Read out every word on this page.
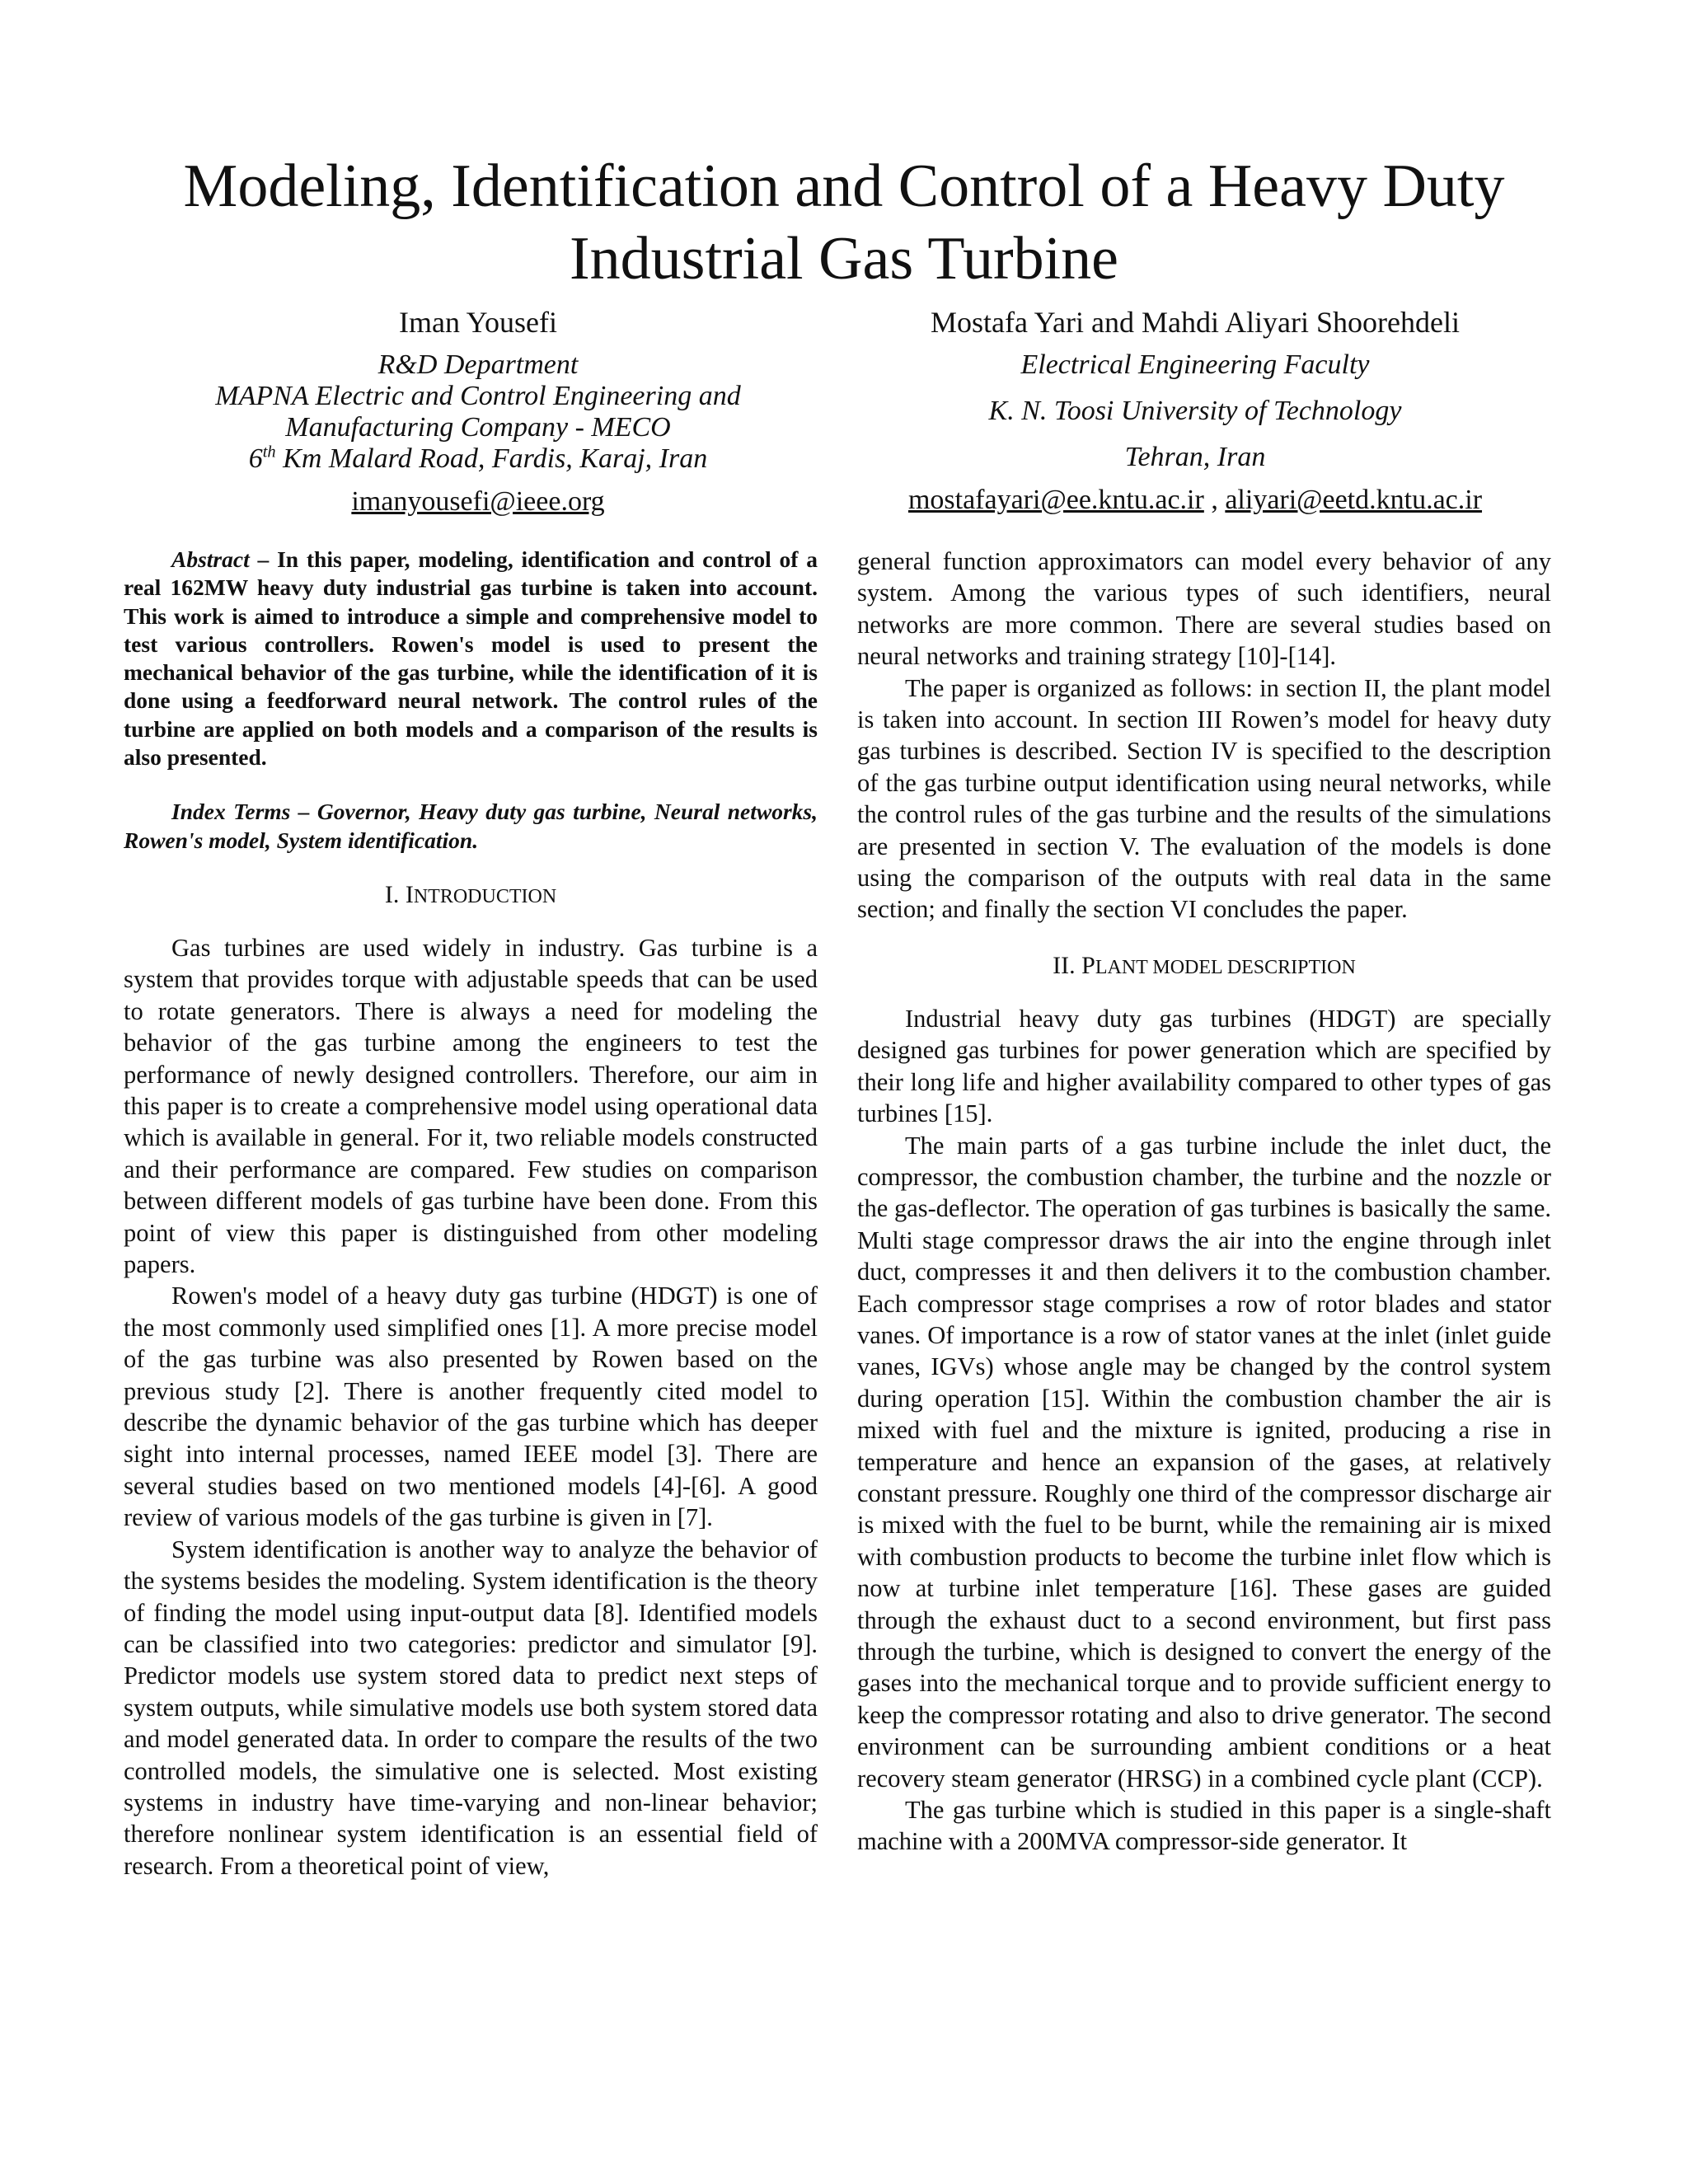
Modeling, Identification and Control of a Heavy Duty Industrial Gas Turbine
Iman Yousefi
R&D Department
MAPNA Electric and Control Engineering and
Manufacturing Company - MECO
6th Km Malard Road, Fardis, Karaj, Iran
imanyousefi@ieee.org
Mostafa Yari and Mahdi Aliyari Shoorehdeli
Electrical Engineering Faculty
K. N. Toosi University of Technology
Tehran, Iran
mostafayari@ee.kntu.ac.ir , aliyari@eetd.kntu.ac.ir

Abstract – In this paper, modeling, identification and control of a real 162MW heavy duty industrial gas turbine is taken into account. This work is aimed to introduce a simple and comprehensive model to test various controllers. Rowen's model is used to present the mechanical behavior of the gas turbine, while the identification of it is done using a feedforward neural network. The control rules of the turbine are applied on both models and a comparison of the results is also presented.

Index Terms – Governor, Heavy duty gas turbine, Neural networks, Rowen's model, System identification.

I. INTRODUCTION

Gas turbines are used widely in industry. Gas turbine is a system that provides torque with adjustable speeds that can be used to rotate generators. There is always a need for modeling the behavior of the gas turbine among the engineers to test the performance of newly designed controllers. Therefore, our aim in this paper is to create a comprehensive model using operational data which is available in general. For it, two reliable models constructed and their performance are compared. Few studies on comparison between different models of gas turbine have been done. From this point of view this paper is distinguished from other modeling papers.

Rowen's model of a heavy duty gas turbine (HDGT) is one of the most commonly used simplified ones [1]. A more precise model of the gas turbine was also presented by Rowen based on the previous study [2]. There is another frequently cited model to describe the dynamic behavior of the gas turbine which has deeper sight into internal processes, named IEEE model [3]. There are several studies based on two mentioned models [4]-[6]. A good review of various models of the gas turbine is given in [7].

System identification is another way to analyze the behavior of the systems besides the modeling. System identification is the theory of finding the model using input-output data [8]. Identified models can be classified into two categories: predictor and simulator [9]. Predictor models use system stored data to predict next steps of system outputs, while simulative models use both system stored data and model generated data. In order to compare the results of the two controlled models, the simulative one is selected. Most existing systems in industry have time-varying and non-linear behavior; therefore nonlinear system identification is an essential field of research. From a theoretical point of view,

general function approximators can model every behavior of any system. Among the various types of such identifiers, neural networks are more common. There are several studies based on neural networks and training strategy [10]-[14].

The paper is organized as follows: in section II, the plant model is taken into account. In section III Rowen’s model for heavy duty gas turbines is described. Section IV is specified to the description of the gas turbine output identification using neural networks, while the control rules of the gas turbine and the results of the simulations are presented in section V. The evaluation of the models is done using the comparison of the outputs with real data in the same section; and finally the section VI concludes the paper.

II. PLANT MODEL DESCRIPTION

Industrial heavy duty gas turbines (HDGT) are specially designed gas turbines for power generation which are specified by their long life and higher availability compared to other types of gas turbines [15].

The main parts of a gas turbine include the inlet duct, the compressor, the combustion chamber, the turbine and the nozzle or the gas-deflector. The operation of gas turbines is basically the same. Multi stage compressor draws the air into the engine through inlet duct, compresses it and then delivers it to the combustion chamber. Each compressor stage comprises a row of rotor blades and stator vanes. Of importance is a row of stator vanes at the inlet (inlet guide vanes, IGVs) whose angle may be changed by the control system during operation [15]. Within the combustion chamber the air is mixed with fuel and the mixture is ignited, producing a rise in temperature and hence an expansion of the gases, at relatively constant pressure. Roughly one third of the compressor discharge air is mixed with the fuel to be burnt, while the remaining air is mixed with combustion products to become the turbine inlet flow which is now at turbine inlet temperature [16]. These gases are guided through the exhaust duct to a second environment, but first pass through the turbine, which is designed to convert the energy of the gases into the mechanical torque and to provide sufficient energy to keep the compressor rotating and also to drive generator. The second environment can be surrounding ambient conditions or a heat recovery steam generator (HRSG) in a combined cycle plant (CCP).

The gas turbine which is studied in this paper is a single-shaft machine with a 200MVA compressor-side generator. It
